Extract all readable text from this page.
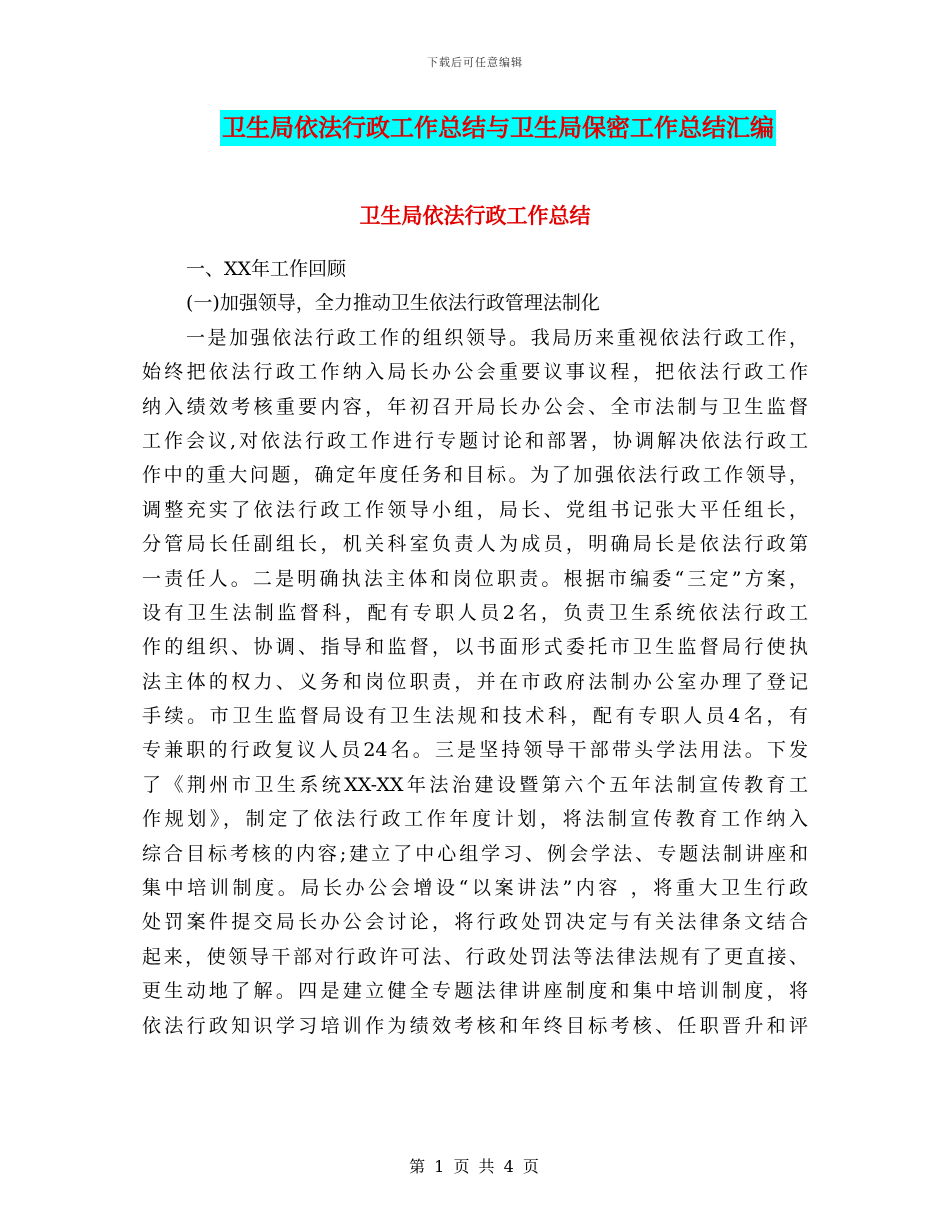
下载后可任意编辑
卫生局依法行政工作总结与卫生局保密工作总结汇编
卫生局依法行政工作总结
一、XX年工作回顾
(一)加强领导，全力推动卫生依法行政管理法制化
一是加强依法行政工作的组织领导。我局历来重视依法行政工作，
始终把依法行政工作纳入局长办公会重要议事议程，把依法行政工作
纳入绩效考核重要内容，年初召开局长办公会、全市法制与卫生监督
工作会议,对依法行政工作进行专题讨论和部署，协调解决依法行政工
作中的重大问题，确定年度任务和目标。为了加强依法行政工作领导，
调整充实了依法行政工作领导小组，局长、党组书记张大平任组长，
分管局长任副组长，机关科室负责人为成员，明确局长是依法行政第
一责任人。二是明确执法主体和岗位职责。根据市编委“三定”方案，
设有卫生法制监督科，配有专职人员2名，负责卫生系统依法行政工
作的组织、协调、指导和监督，以书面形式委托市卫生监督局行使执
法主体的权力、义务和岗位职责，并在市政府法制办公室办理了登记
手续。市卫生监督局设有卫生法规和技术科，配有专职人员4名，有
专兼职的行政复议人员24名。三是坚持领导干部带头学法用法。下发
了《荆州市卫生系统XX-XX年法治建设暨第六个五年法制宣传教育工
作规划》，制定了依法行政工作年度计划，将法制宣传教育工作纳入
综合目标考核的内容;建立了中心组学习、例会学法、专题法制讲座和
集中培训制度。局长办公会增设“以案讲法”内容 ，将重大卫生行政
处罚案件提交局长办公会讨论，将行政处罚决定与有关法律条文结合
起来，使领导干部对行政许可法、行政处罚法等法律法规有了更直接、
更生动地了解。四是建立健全专题法律讲座制度和集中培训制度，将
依法行政知识学习培训作为绩效考核和年终目标考核、任职晋升和评
第 1 页 共 4 页
